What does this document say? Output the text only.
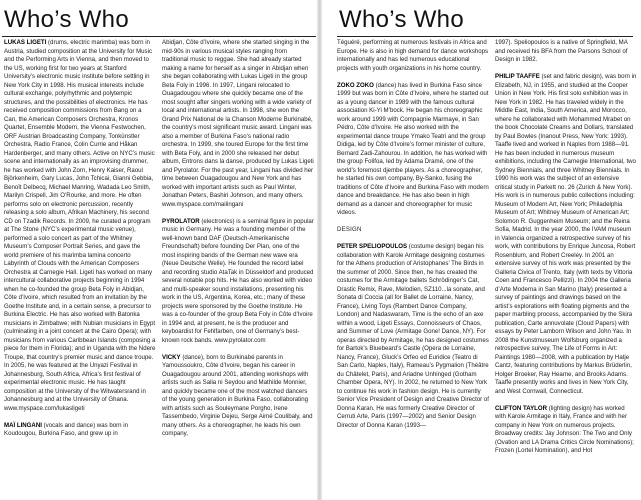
Who’s Who

LUKAS LIGETI (drums, electric marimba) was born in Austria, studied composition at the University for Music and the Performing Arts in Vienna, and then moved to the US, working first for two years at Stanford University’s electronic music institute before settling in New York City in 1998. His musical interests include cultural exchange, polyrhythmic and polytempic structures, and the possibilities of electronics. He has received composition commissions from Bang on a Can, the American Composers Orchestra, Kronos Quartet, Ensemble Modern, the Vienna Festwochen, ORF Austrian Broadcasting Company, Tonkünstler Orchestra, Radio France, Colin Currie and Håkan Hardenberger, and many others. Active on NYC’s music scene and internationally as an improvising drummer, he has worked with John Zorn, Henry Kaiser, Raoul Björkenheim, Gary Lucas, John Tchicai, Gianni Gebbia, Benoît Delbecq, Michael Manring, Wadada Leo Smith, Marilyn Crispell, Jim O’Rourke, and more. He often performs solo on electronic percussion, recently releasing a solo album, Afrikan Machinery, his second CD on Tzadik Records. In 2009, he curated a program at The Stone (NYC’s experimental music venue), performed a solo concert as part of the Whitney Museum’s Composer Portrait Series, and gave the world premiere of his marimba lamina concerto Labyrinth of Clouds with the American Composers Orchestra at Carnegie Hall. Ligeti has worked on many intercultural collaborative projects beginning in 1994 when he co-founded the group Beta Foly in Abidjan, Côte d’Ivoire, which resulted from an invitation by the Goethe Institute and, in a certain sense, a precursor to Burkina Electric. He has also worked with Batonka musicians in Zimbabwe; with Nubian musicians in Egypt (culminating in a joint concert at the Cairo Opera); with musicians from various Caribbean Islands (composing a piece for them in Florida); and in Uganda with the Ndere Troupe, that country’s premier music and dance troupe. In 2005, he was featured at the Unyazi Festival in Johannesburg, South Africa, Africa’s first festival of experimental electronic music. He has taught composition at the University of the Witwatersrand in Johannesburg and at the University of Ghana. www.myspace.com/lukasligeti

MAÏ LINGANI (vocals and dance) was born in Koudougou, Burkina Faso, and grew up in

Abidjan, Côte d’Ivoire, where she started singing in the mid-90s in various musical styles ranging from traditional music to reggae. She had already started making a name for herself as a singer in Abidjan when she began collaborating with Lukas Ligeti in the group Beta Foly in 1996. In 1997, Lingani relocated to Ouagadougou where she quickly became one of the most sought after singers working with a wide variety of local and international artists. In 1998, she won the Grand Prix National de la Chanson Moderne Burkinabé, the country’s most significant music award. Lingani was also a member of Burkina Faso’s national radio orchestra. In 1999, she toured Europe for the first time with Beta Foly, and in 2000 she released her debut album, Entrons dans la danse, produced by Lukas Ligeti and Pyrolator. For the past year, Lingani has divided her time between Ouagadougou and New York and has worked with important artists such as Paul Winter, Jonathan Peters, Bashiri Johnson, and many others. www.myspace.com/mailingani

PYROLATOR (electronics) is a seminal figure in popular music in Germany. He was a founding member of the well-known band DAF (Deutsch-Amerikanische Freundschaft) before founding Der Plan, one of the most inspiring bands of the German new wave era (Neue Deutsche Welle). He founded the record label and recording studio AtaTak in Düsseldorf and produced several notable pop hits. He has also worked with video and multi-speaker sound installations, presenting his work in the US, Argentina, Korea, etc.; many of these projects were sponsored by the Goethe Institute. He was a co-founder of the group Beta Foly in Côte d’Ivoire in 1994 and, at present, he is the producer and keyboardist for Fehlfarben, one of Germany’s best-known rock bands. www.pyrolator.com

VICKY (dance), born to Burkinabé parents in Yamoussoukro, Côte d’Ivoire, began his career in Ouagadougou around 2001, attending workshops with artists such as Salia ni Seydou and Mathilde Monnier, and quickly became one of the most watched dancers of the young generation in Burkina Faso, collaborating with artists such as Souleymane Porgho, Irene Tassembedo, Virginie Dejeu, Serge Aimé Coulibaly, and many others. As a choreographer, he leads his own company,

Who’s Who

Téguéré, performing at numerous festivals in Africa and Europe. He is also in high demand for dance workshops internationally and has led numerous educational projects with youth organizations in his home country.

ZOKO ZOKO (dance) has lived in Burkina Faso since 1999 but was born in Côte d’Ivoire, where he started out as a young dancer in 1989 with the famous cultural association Ki-Yi M’bock. He began his choreographic work around 1999 with Compagnie Marmaye, in San Pédro, Côte d’Ivoire. He also worked with the experimental dance troupe Ymako Teatri and the group Didiga, led by Côte d’Ivoire’s former minister of culture, Bernard Zadi-Zahourou. In addition, he has worked with the group Folifoa, led by Adama Dramé, one of the world’s foremost djembe players. As a choreographer, he started his own company, By-Sanko, fusing the traditions of Côte d’Ivoire and Burkina Faso with modern dance and breakdance. He has also been in high demand as a dancer and choreographer for music videos.

DESIGN

PETER SPELIOPOULOS (costume design) began his collaboration with Karole Armitage designing costumes for the Athens production of Aristophanes’ The Birds in the summer of 2000. Since then, he has created the costumes for the Armitage ballets Schrödinger’s Cat, Drastic Remix, Rave, Melodien, SZ110...la sonate, and Sonata di Coccia (all for Ballet de Lorraine, Nancy, France), Living Toys (Rambert Dance Company, London) and Nadaswaram, Time is the echo of an axe within a wood, Ligeti Essays, Connoisseurs of Chaos, and Summer of Love (Armitage Gone! Dance, NY). For operas directed by Armitage, he has designed costumes for Bartok’s Bluebeard’s Castle (Opera de Lorraine, Nancy, France), Gluck’s Orfeo ed Euridice (Teatro di San Carlo, Naples, Italy), Rameau’s Pygmalion (Théâtre du Châtelet, Paris), and Ariadne Unhinged (Gotham Chamber Opera, NY). In 2002, he returned to New York to continue his work in fashion design. He is currently Senior Vice President of Design and Creative Director of Donna Karan. He was formerly Creative Director of Cerruti Arte, Paris (1997—2002) and Senior Design Director of Donna Karan (1993—

1997). Speliopoulos is a native of Springfield, MA and received his BFA from the Parsons School of Design in 1982.

PHILIP TAAFFE (set and fabric design), was born in Elizabeth, NJ, in 1955, and studied at the Cooper Union in New York. His first solo exhibition was in New York in 1982. He has traveled widely in the Middle East, India, South America, and Morocco, where he collaborated with Mohammed Mrabet on the book Chocolate Creams and Dollars, translated by Paul Bowles (Inanout Press, New York: 1993). Taaffe lived and worked in Naples from 1988—91. He has been included in numerous museum exhibitions, including the Carnegie International, two Sydney Biennials, and three Whitney Biennials. In 1990 his work was the subject of an extensive critical study in Parkett no. 26 (Zurich & New York). His work is in numerous public collections including: Museum of Modern Art, New York; Philadelphia Museum of Art; Whitney Museum of American Art; Solomon R. Guggenheim Museum; and the Reina Sofia, Madrid. In the year 2000, the IVAM museum in Valencia organized a retrospective survey of his work, with contributions by Enrique Juncosa, Robert Rosenblum, and Robert Creeley. In 2001 an extensive survey of his work was presented by the Galleria Civica of Trento, Italy (with texts by Vittoria Coen and Francesco Pellizzi). In 2004 the Galleria d’Arte Moderna in San Marino (Italy) presented a survey of paintings and drawings based on the artist’s explorations with floating pigments and the paper marbling process, accompanied by the Skira publication, Carte annuvolate (Cloud Papers) with essays by Peter Lamborn Wilson and John Yau. In 2008 the Kunstmuseum Wolfsburg organized a retrospective survey, The Life of Forms in Art: Paintings 1980—2008, with a publication by Hatje Cantz, featuring contributions by Markus Brüderlin, Holger Broeker, Ray Hearne, and Brooks Adams. Taaffe presently works and lives in New York City, and West Cornwall, Connecticut.

CLIFTON TAYLOR (lighting design) has worked with Karole Armitage in Italy, France and with her company in New York on numerous projects. Broadway credits: Jay Johnson: The Two and Only (Ovation and LA Drama Critics Circle Nominations); Frozen (Lortel Nomination), and Hot
